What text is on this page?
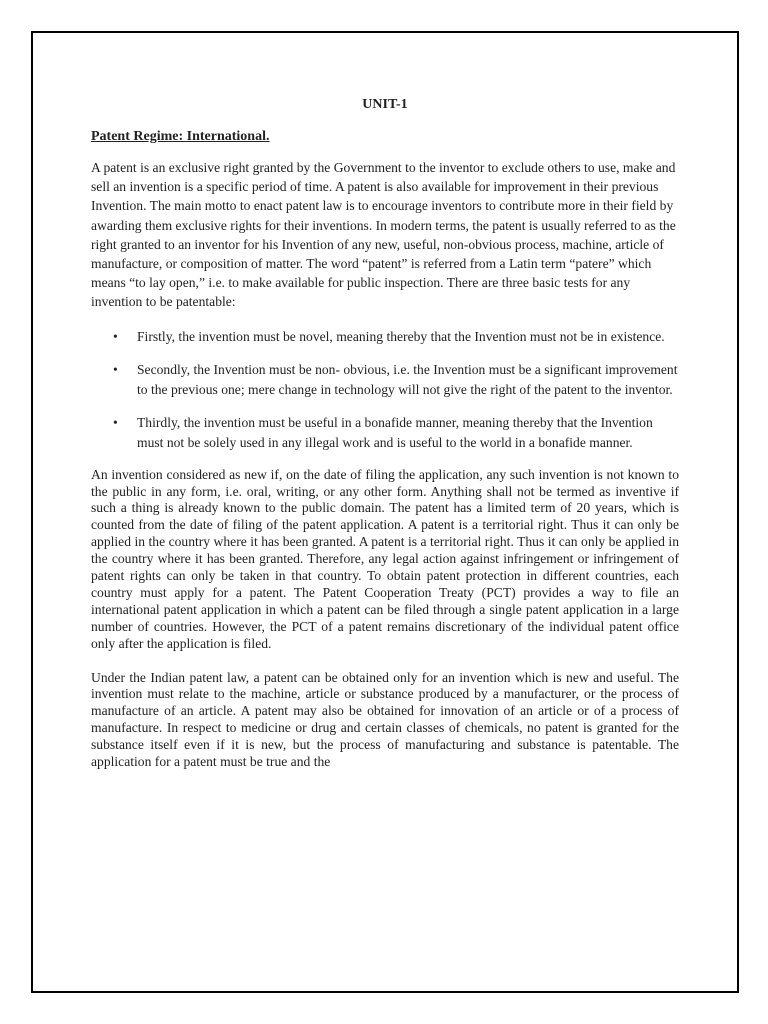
UNIT-1
Patent Regime: International.

A patent is an exclusive right granted by the Government to the inventor to exclude others to use, make and sell an invention is a specific period of time. A patent is also available for improvement in their previous Invention. The main motto to enact patent law is to encourage inventors to contribute more in their field by awarding them exclusive rights for their inventions. In modern terms, the patent is usually referred to as the right granted to an inventor for his Invention of any new, useful, non-obvious process, machine, article of manufacture, or composition of matter. The word “patent” is referred from a Latin term “patere” which means “to lay open,” i.e. to make available for public inspection. There are three basic tests for any invention to be patentable:

• Firstly, the invention must be novel, meaning thereby that the Invention must not be in existence.
• Secondly, the Invention must be non- obvious, i.e. the Invention must be a significant improvement to the previous one; mere change in technology will not give the right of the patent to the inventor.
• Thirdly, the invention must be useful in a bonafide manner, meaning thereby that the Invention must not be solely used in any illegal work and is useful to the world in a bonafide manner.

An invention considered as new if, on the date of filing the application, any such invention is not known to the public in any form, i.e. oral, writing, or any other form. Anything shall not be termed as inventive if such a thing is already known to the public domain. The patent has a limited term of 20 years, which is counted from the date of filing of the patent application. A patent is a territorial right. Thus it can only be applied in the country where it has been granted. A patent is a territorial right. Thus it can only be applied in the country where it has been granted. Therefore, any legal action against infringement or infringement of patent rights can only be taken in that country. To obtain patent protection in different countries, each country must apply for a patent. The Patent Cooperation Treaty (PCT) provides a way to file an international patent application in which a patent can be filed through a single patent application in a large number of countries. However, the PCT of a patent remains discretionary of the individual patent office only after the application is filed.

Under the Indian patent law, a patent can be obtained only for an invention which is new and useful. The invention must relate to the machine, article or substance produced by a manufacturer, or the process of manufacture of an article. A patent may also be obtained for innovation of an article or of a process of manufacture. In respect to medicine or drug and certain classes of chemicals, no patent is granted for the substance itself even if it is new, but the process of manufacturing and substance is patentable. The application for a patent must be true and the
